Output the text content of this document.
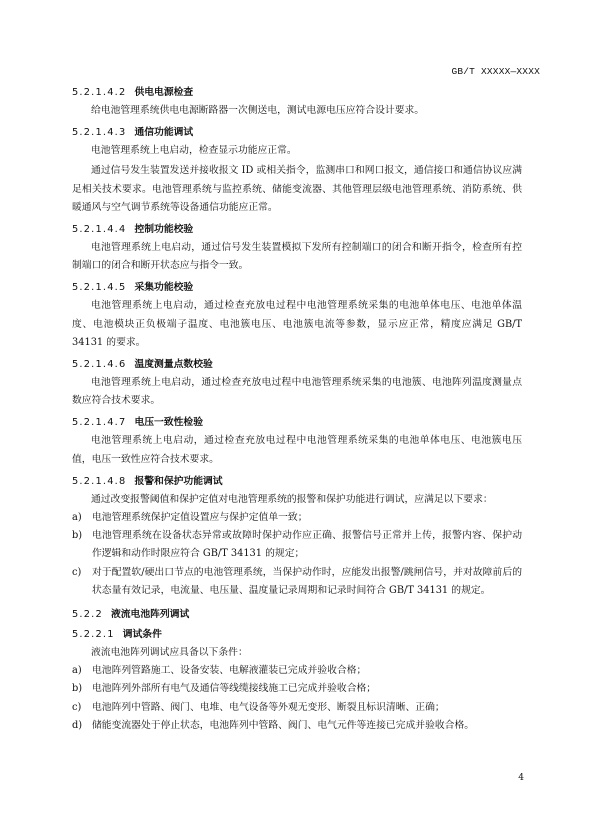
GB/T XXXXX—XXXX
5.2.1.4.2 供电电源检查

给电池管理系统供电电源断路器一次侧送电，测试电源电压应符合设计要求。

5.2.1.4.3 通信功能调试

电池管理系统上电启动，检查显示功能应正常。

通过信号发生装置发送并接收报文 ID 或相关指令，监测串口和网口报文，通信接口和通信协议应满足相关技术要求。电池管理系统与监控系统、储能变流器、其他管理层级电池管理系统、消防系统、供暖通风与空气调节系统等设备通信功能应正常。

5.2.1.4.4 控制功能校验

电池管理系统上电启动，通过信号发生装置模拟下发所有控制端口的闭合和断开指令，检查所有控制端口的闭合和断开状态应与指令一致。

5.2.1.4.5 采集功能校验

电池管理系统上电启动，通过检查充放电过程中电池管理系统采集的电池单体电压、电池单体温度、电池模块正负极端子温度、电池簇电压、电池簇电流等参数，显示应正常，精度应满足 GB/T 34131 的要求。

5.2.1.4.6 温度测量点数校验

电池管理系统上电启动，通过检查充放电过程中电池管理系统采集的电池簇、电池阵列温度测量点数应符合技术要求。

5.2.1.4.7 电压一致性检验

电池管理系统上电启动，通过检查充放电过程中电池管理系统采集的电池单体电压、电池簇电压值，电压一致性应符合技术要求。

5.2.1.4.8 报警和保护功能调试

通过改变报警阈值和保护定值对电池管理系统的报警和保护功能进行调试，应满足以下要求：

a) 电池管理系统保护定值设置应与保护定值单一致；
b) 电池管理系统在设备状态异常或故障时保护动作应正确、报警信号正常并上传，报警内容、保护动作逻辑和动作时限应符合 GB/T 34131 的规定；
c) 对于配置软/硬出口节点的电池管理系统，当保护动作时，应能发出报警/跳闸信号，并对故障前后的状态量有效记录，电流量、电压量、温度量记录周期和记录时间符合 GB/T 34131 的规定。
5.2.2 液流电池阵列调试
5.2.2.1 调试条件

液流电池阵列调试应具备以下条件：

a) 电池阵列管路施工、设备安装、电解液灌装已完成并验收合格；
b) 电池阵列外部所有电气及通信等线缆接线施工已完成并验收合格；
c) 电池阵列中管路、阀门、电堆、电气设备等外观无变形、断裂且标识清晰、正确；
d) 储能变流器处于停止状态，电池阵列中管路、阀门、电气元件等连接已完成并验收合格。
4
